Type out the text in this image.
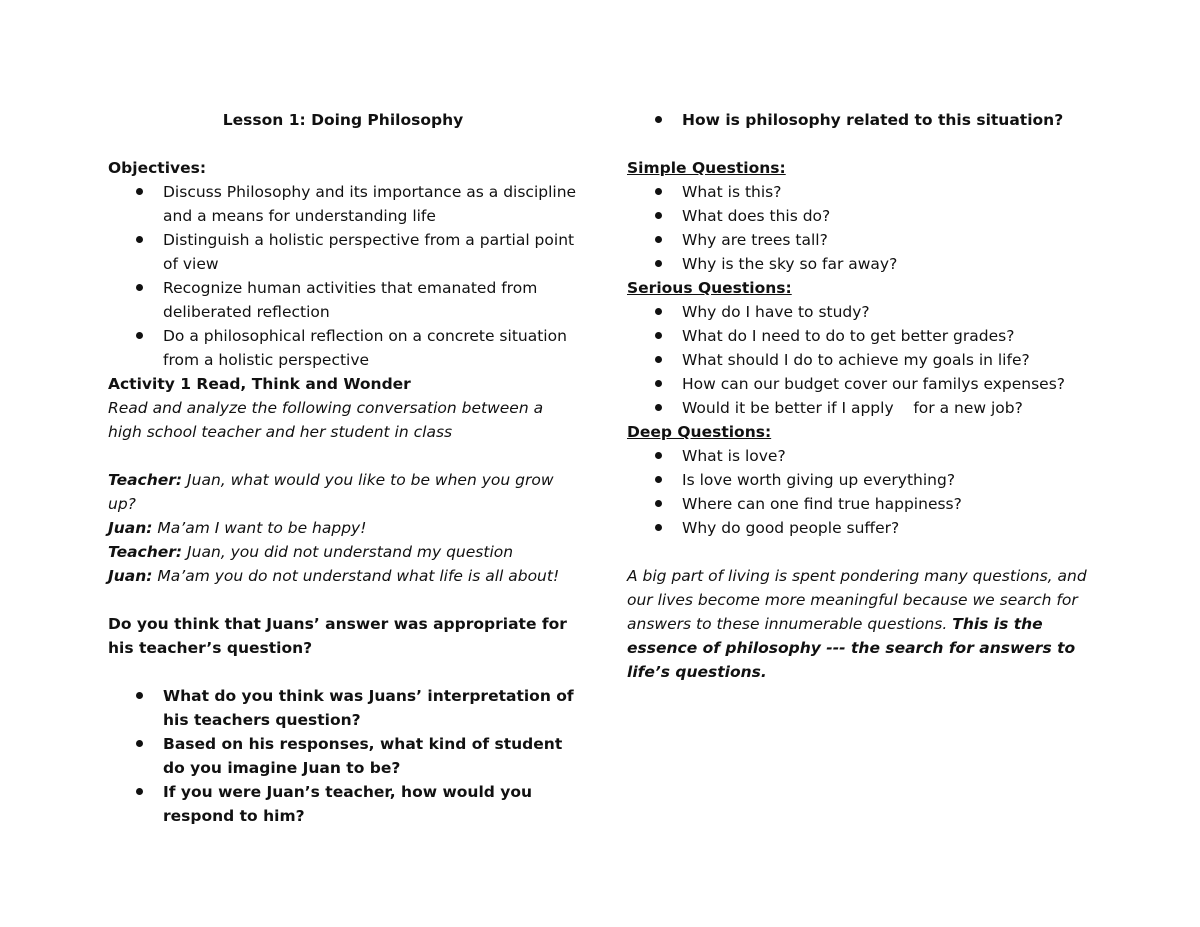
Lesson 1: Doing Philosophy

Objectives:

Discuss Philosophy and its importance as a discipline and a means for understanding life
Distinguish a holistic perspective from a partial point of view
Recognize human activities that emanated from deliberated reflection
Do a philosophical reflection on a concrete situation from a holistic perspective

Activity 1 Read, Think and Wonder

Read and analyze the following conversation between a high school teacher and her student in class

Teacher: Juan, what would you like to be when you grow up?

Juan: Ma’am I want to be happy!

Teacher: Juan, you did not understand my question

Juan: Ma’am you do not understand what life is all about!

Do you think that Juans’ answer was appropriate for his teacher’s question?

What do you think was Juans’ interpretation of his teachers question?
Based on his responses, what kind of student do you imagine Juan to be?
If you were Juan’s teacher, how would you respond to him?
How is philosophy related to this situation?

Simple Questions:

What is this?
What does this do?
Why are trees tall?
Why is the sky so far away?

Serious Questions:

Why do I have to study?
What do I need to do to get better grades?
What should I do to achieve my goals in life?
How can our budget cover our familys expenses?
Would it be better if I apply    for a new job?

Deep Questions:

What is love?
Is love worth giving up everything?
Where can one find true happiness?
Why do good people suffer?

A big part of living is spent pondering many questions, and our lives become more meaningful because we search for answers to these innumerable questions. This is the essence of philosophy --- the search for answers to life’s questions.
